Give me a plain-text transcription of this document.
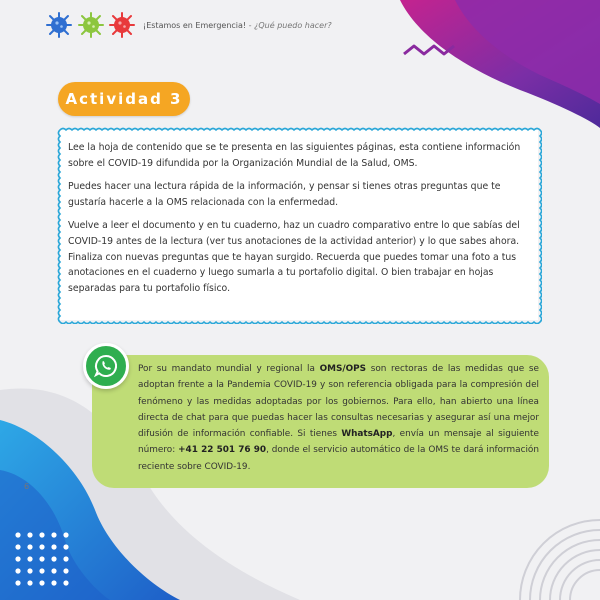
¡Estamos en Emergencia! - ¿Qué puedo hacer?
Actividad 3

Lee la hoja de contenido que se te presenta en las siguientes páginas, esta contiene información sobre el COVID-19 difundida por la Organización Mundial de la Salud, OMS.

Puedes hacer una lectura rápida de la información, y pensar si tienes otras preguntas que te gustaría hacerle a la OMS relacionada con la enfermedad.

Vuelve a leer el documento y en tu cuaderno, haz un cuadro comparativo entre lo que sabías del COVID-19 antes de la lectura (ver tus anotaciones de la actividad anterior) y lo que sabes ahora. Finaliza con nuevas preguntas que te hayan surgido. Recuerda que puedes tomar una foto a tus anotaciones en el cuaderno y luego sumarla a tu portafolio digital. O bien trabajar en hojas separadas para tu portafolio físico.

Por su mandato mundial y regional la OMS/OPS son rectoras de las medidas que se adoptan frente a la Pandemia COVID-19 y son referencia obligada para la compresión del fenómeno y las medidas adoptadas por los gobiernos. Para ello, han abierto una línea directa de chat para que puedas hacer las consultas necesarias y asegurar así una mejor difusión de información confiable. Si tienes WhatsApp, envía un mensaje al siguiente número: +41 22 501 76 90, donde el servicio automático de la OMS te dará información reciente sobre COVID-19.
6
